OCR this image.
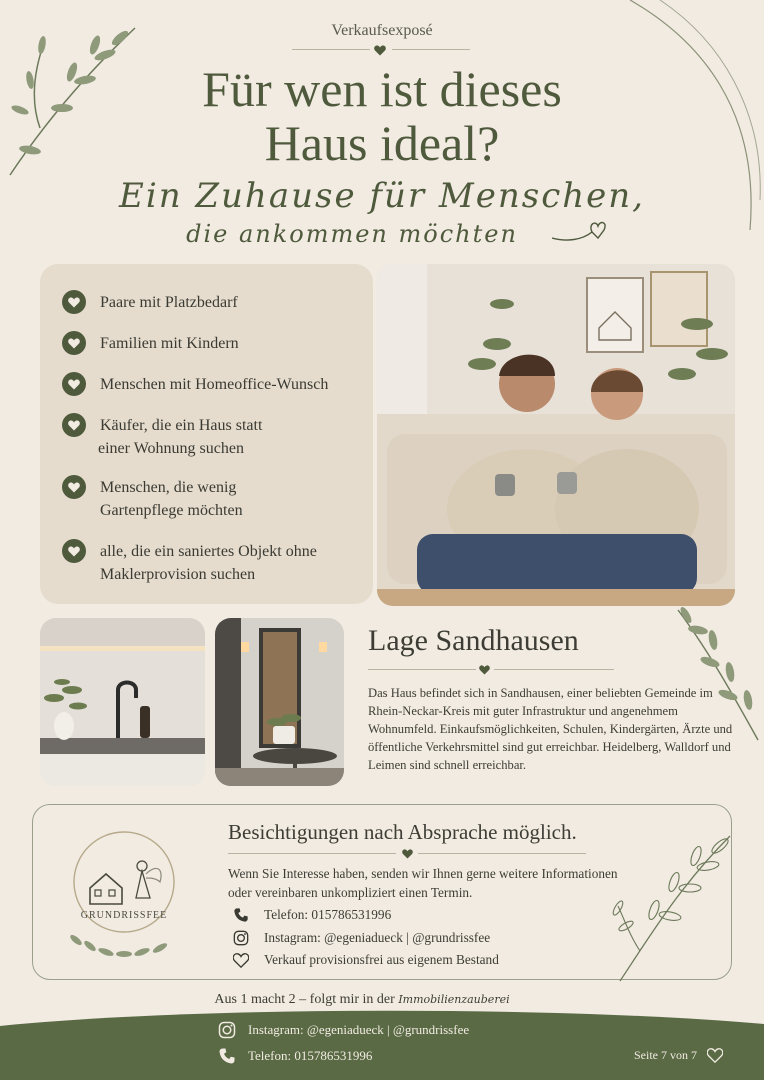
Verkaufsexposé
Für wen ist dieses
Haus ideal?
Ein Zuhause für Menschen,
die ankommen möchten
Paare mit Platzbedarf
Familien mit Kindern
Menschen mit Homeoffice-Wunsch
Käufer, die ein Haus statt
einer Wohnung suchen
Menschen, die wenig
Gartenpflege möchten
alle, die ein saniertes Objekt ohne
Maklerprovision suchen
Lage Sandhausen
Das Haus befindet sich in Sandhausen, einer beliebten Gemeinde im Rhein-Neckar-Kreis mit guter Infrastruktur und angenehmem Wohnumfeld. Einkaufsmöglichkeiten, Schulen, Kindergärten, Ärzte und öffentliche Verkehrsmittel sind gut erreichbar. Heidelberg, Walldorf und Leimen sind schnell erreichbar.
GRUNDRISSFEE
Besichtigungen nach Absprache möglich.
Wenn Sie Interesse haben, senden wir Ihnen gerne weitere Informationen oder vereinbaren unkompliziert einen Termin.
Telefon: 015786531996
Instagram: @egeniadueck | @grundrissfee
Verkauf provisionsfrei aus eigenem Bestand
Aus 1 macht 2 – folgt mir in der Immobilienzauberei
Instagram: @egeniadueck | @grundrissfee
Telefon: 015786531996	Seite 7 von 7
